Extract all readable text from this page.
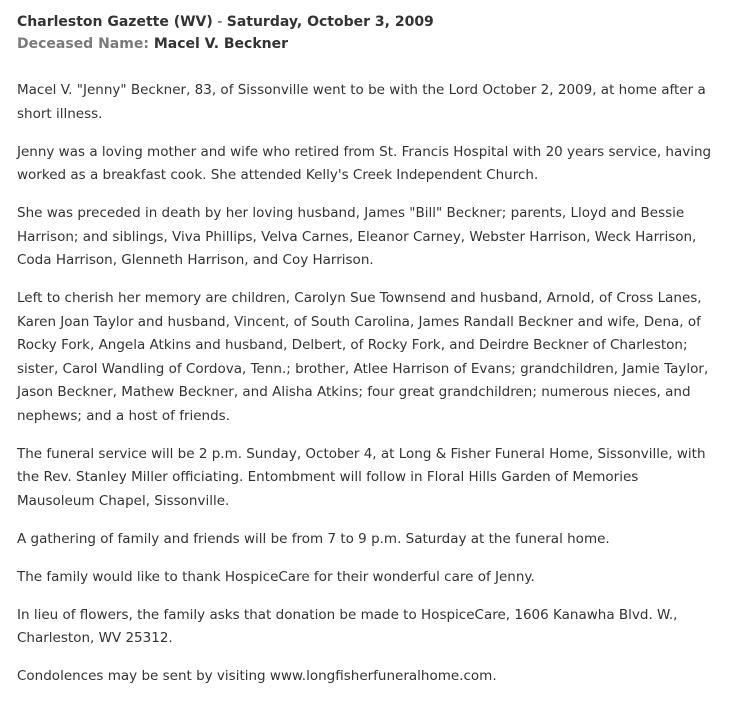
Charleston Gazette (WV) - Saturday, October 3, 2009
Deceased Name: Macel V. Beckner

Macel V. "Jenny" Beckner, 83, of Sissonville went to be with the Lord October 2, 2009, at home after a short illness.

Jenny was a loving mother and wife who retired from St. Francis Hospital with 20 years service, having worked as a breakfast cook. She attended Kelly's Creek Independent Church.

She was preceded in death by her loving husband, James "Bill" Beckner; parents, Lloyd and Bessie Harrison; and siblings, Viva Phillips, Velva Carnes, Eleanor Carney, Webster Harrison, Weck Harrison, Coda Harrison, Glenneth Harrison, and Coy Harrison.

Left to cherish her memory are children, Carolyn Sue Townsend and husband, Arnold, of Cross Lanes, Karen Joan Taylor and husband, Vincent, of South Carolina, James Randall Beckner and wife, Dena, of Rocky Fork, Angela Atkins and husband, Delbert, of Rocky Fork, and Deirdre Beckner of Charleston; sister, Carol Wandling of Cordova, Tenn.; brother, Atlee Harrison of Evans; grandchildren, Jamie Taylor, Jason Beckner, Mathew Beckner, and Alisha Atkins; four great grandchildren; numerous nieces, and nephews; and a host of friends.

The funeral service will be 2 p.m. Sunday, October 4, at Long & Fisher Funeral Home, Sissonville, with the Rev. Stanley Miller officiating. Entombment will follow in Floral Hills Garden of Memories Mausoleum Chapel, Sissonville.

A gathering of family and friends will be from 7 to 9 p.m. Saturday at the funeral home.

The family would like to thank HospiceCare for their wonderful care of Jenny.

In lieu of flowers, the family asks that donation be made to HospiceCare, 1606 Kanawha Blvd. W., Charleston, WV 25312.

Condolences may be sent by visiting www.longfisherfuneralhome.com.
